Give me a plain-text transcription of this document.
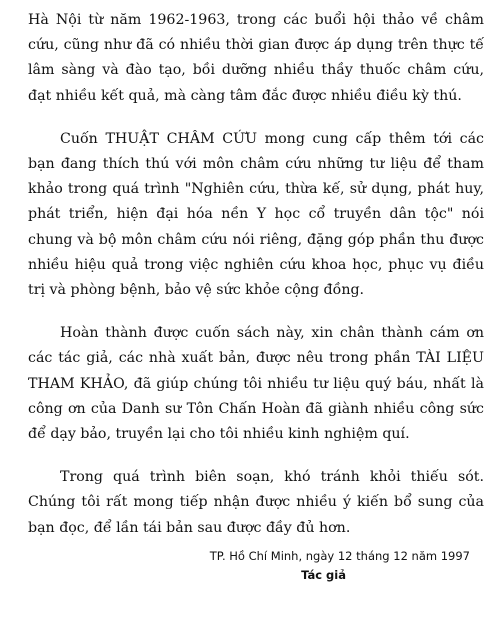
Hà Nội từ năm 1962-1963, trong các buổi hội thảo về châm cứu, cũng như đã có nhiều thời gian được áp dụng trên thực tế lâm sàng và đào tạo, bồi dưỡng nhiều thầy thuốc châm cứu, đạt nhiều kết quả, mà càng tâm đắc được nhiều điều kỳ thú.

Cuốn THUẬT CHÂM CỨU mong cung cấp thêm tới các bạn đang thích thú với môn châm cứu những tư liệu để tham khảo trong quá trình "Nghiên cứu, thừa kế, sử dụng, phát huy, phát triển, hiện đại hóa nền Y học cổ truyền dân tộc" nói chung và bộ môn châm cứu nói riêng, đặng góp phần thu được nhiều hiệu quả trong việc nghiên cứu khoa học, phục vụ điều trị và phòng bệnh, bảo vệ sức khỏe cộng đồng.

Hoàn thành được cuốn sách này, xin chân thành cám ơn các tác giả, các nhà xuất bản, được nêu trong phần TÀI LIỆU THAM KHẢO, đã giúp chúng tôi nhiều tư liệu quý báu, nhất là công ơn của Danh sư Tôn Chấn Hoàn đã giành nhiều công sức để dạy bảo, truyền lại cho tôi nhiều kinh nghiệm quí.

Trong quá trình biên soạn, khó tránh khỏi thiếu sót. Chúng tôi rất mong tiếp nhận được nhiều ý kiến bổ sung của bạn đọc, để lần tái bản sau được đầy đủ hơn.

TP. Hồ Chí Minh, ngày 12 tháng 12 năm 1997
Tác giả
